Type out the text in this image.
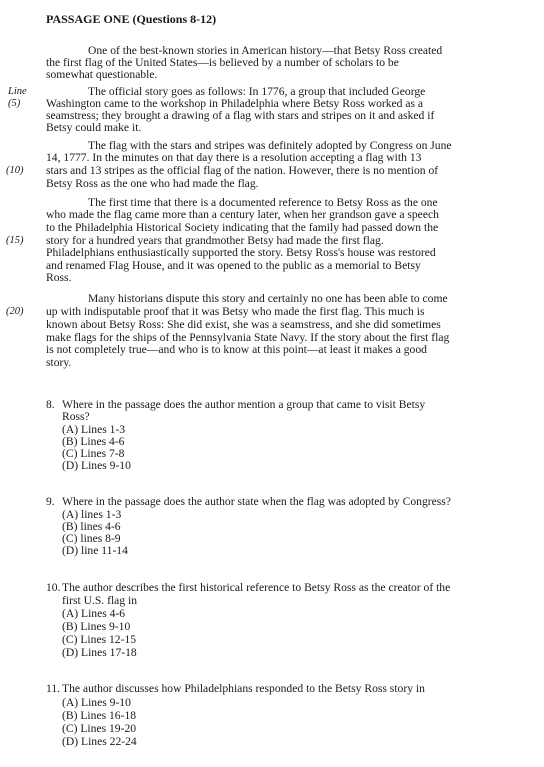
PASSAGE ONE (Questions 8-12)
One of the best-known stories in American history—that Betsy Ross created
the first flag of the United States—is believed by a number of scholars to be
somewhat questionable.
The official story goes as follows: In 1776, a group that included George
Washington came to the workshop in Philadelphia where Betsy Ross worked as a
seamstress; they brought a drawing of a flag with stars and stripes on it and asked if
Betsy could make it.
The flag with the stars and stripes was definitely adopted by Congress on June
14, 1777. In the minutes on that day there is a resolution accepting a flag with 13
stars and 13 stripes as the official flag of the nation. However, there is no mention of
Betsy Ross as the one who had made the flag.
The first time that there is a documented reference to Betsy Ross as the one
who made the flag came more than a century later, when her grandson gave a speech
to the Philadelphia Historical Society indicating that the family had passed down the
story for a hundred years that grandmother Betsy had made the first flag.
Philadelphians enthusiastically supported the story. Betsy Ross's house was restored
and renamed Flag House, and it was opened to the public as a memorial to Betsy
Ross.
Many historians dispute this story and certainly no one has been able to come
up with indisputable proof that it was Betsy who made the first flag. This much is
known about Betsy Ross: She did exist, she was a seamstress, and she did sometimes
make flags for the ships of the Pennsylvania State Navy. If the story about the first flag
is not completely true—and who is to know at this point—at least it makes a good
story.
Line
(5)
(10)
(15)
(20)
8. Where in the passage does the author mention a group that came to visit Betsy
Ross?
(A) Lines 1-3
(B) Lines 4-6
(C) Lines 7-8
(D) Lines 9-10
9. Where in the passage does the author state when the flag was adopted by Congress?
(A) lines 1-3
(B) lines 4-6
(C) lines 8-9
(D) line 11-14
10. The author describes the first historical reference to Betsy Ross as the creator of the
first U.S. flag in
(A) Lines 4-6
(B) Lines 9-10
(C) Lines 12-15
(D) Lines 17-18
11. The author discusses how Philadelphians responded to the Betsy Ross story in
(A) Lines 9-10
(B) Lines 16-18
(C) Lines 19-20
(D) Lines 22-24
